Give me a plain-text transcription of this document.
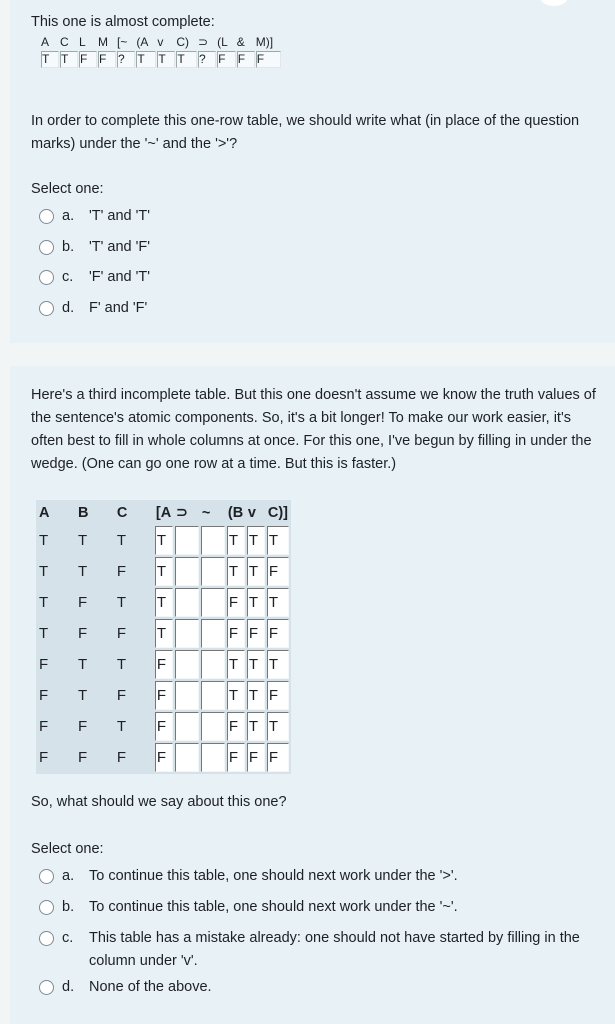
This one is almost complete:
A	C	L	M	[~	(A	v	C)	⊃	(L	&	M)]
T	T	F	F	?	T	T	T	?	F	F	F
In order to complete this one-row table, we should write what (in place of the question marks) under the '~' and the '>'?
Select one:
a.	'T' and 'T'
b.	'T' and 'F'
c.	'F' and 'T'
d.	F' and 'F'
Here's a third incomplete table. But this one doesn't assume we know the truth values of the sentence's atomic components. So, it's a bit longer! To make our work easier, it's often best to fill in whole columns at once. For this one, I've begun by filling in under the wedge. (One can go one row at a time. But this is faster.)
A	B	C	[A	⊃	~	(B	v	C)]
T	T	T	T			T	T	T
T	T	F	T			T	T	F
T	F	T	T			F	T	T
T	F	F	T			F	F	F
F	T	T	F			T	T	T
F	T	F	F			T	T	F
F	F	T	F			F	T	T
F	F	F	F			F	F	F
So, what should we say about this one?
Select one:
a.	To continue this table, one should next work under the '>'.
b.	To continue this table, one should next work under the '~'.
c.	This table has a mistake already: one should not have started by filling in the column under 'v'.
d.	None of the above.
